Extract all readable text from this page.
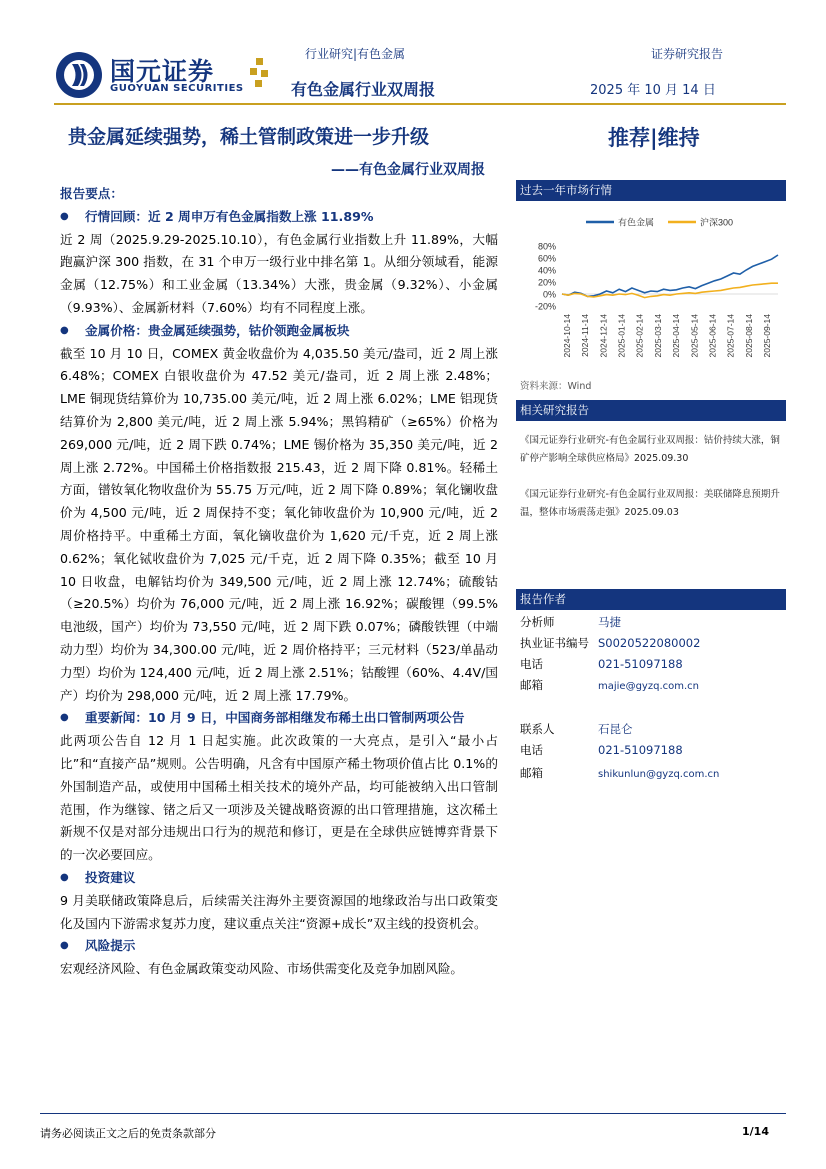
国元证券
GUOYUAN SECURITIES
行业研究|有色金属	证券研究报告
有色金属行业双周报	2025 年 10 月 14 日
贵金属延续强势，稀土管制政策进一步升级
——有色金属行业双周报
推荐|维持
报告要点：
● 行情回顾：近 2 周申万有色金属指数上涨 11.89%

近 2 周（2025.9.29-2025.10.10），有色金属行业指数上升 11.89%，大幅跑赢沪深 300 指数，在 31 个申万一级行业中排名第 1。从细分领域看，能源金属（12.75%）和工业金属（13.34%）大涨，贵金属（9.32%）、小金属（9.93%）、金属新材料（7.60%）均有不同程度上涨。

● 金属价格：贵金属延续强势，钴价领跑金属板块

截至 10 月 10 日，COMEX 黄金收盘价为 4,035.50 美元/盎司，近 2 周上涨 6.48%；COMEX 白银收盘价为 47.52 美元/盎司，近 2 周上涨 2.48%；LME 铜现货结算价为 10,735.00 美元/吨，近 2 周上涨 6.02%；LME 铝现货结算价为 2,800 美元/吨，近 2 周上涨 5.94%；黑钨精矿（≥65%）价格为 269,000 元/吨，近 2 周下跌 0.74%；LME 锡价格为 35,350 美元/吨，近 2 周上涨 2.72%。中国稀土价格指数报 215.43，近 2 周下降 0.81%。轻稀土方面，镨钕氧化物收盘价为 55.75 万元/吨，近 2 周下降 0.89%；氧化镧收盘价为 4,500 元/吨，近 2 周保持不变；氧化铈收盘价为 10,900 元/吨，近 2 周价格持平。中重稀土方面，氧化镝收盘价为 1,620 元/千克，近 2 周上涨 0.62%；氧化铽收盘价为 7,025 元/千克，近 2 周下降 0.35%；截至 10 月 10 日收盘，电解钴均价为 349,500 元/吨，近 2 周上涨 12.74%；硫酸钴（≥20.5%）均价为 76,000 元/吨，近 2 周上涨 16.92%；碳酸锂（99.5%电池级，国产）均价为 73,550 元/吨，近 2 周下跌 0.07%；磷酸铁锂（中端动力型）均价为 34,300.00 元/吨，近 2 周价格持平；三元材料（523/单晶动力型）均价为 124,400 元/吨，近 2 周上涨 2.51%；钴酸锂（60%、4.4V/国产）均价为 298,000 元/吨，近 2 周上涨 17.79%。

● 重要新闻：10 月 9 日，中国商务部相继发布稀土出口管制两项公告

此两项公告自 12 月 1 日起实施。此次政策的一大亮点，是引入“最小占比”和“直接产品”规则。公告明确，凡含有中国原产稀土物项价值占比 0.1%的外国制造产品，或使用中国稀土相关技术的境外产品，均可能被纳入出口管制范围，作为继镓、锗之后又一项涉及关键战略资源的出口管理措施，这次稀土新规不仅是对部分违规出口行为的规范和修订，更是在全球供应链博弈背景下的一次必要回应。

● 投资建议

9 月美联储政策降息后，后续需关注海外主要资源国的地缘政治与出口政策变化及国内下游需求复苏力度，建议重点关注“资源+成长”双主线的投资机会。

● 风险提示

宏观经济风险、有色金属政策变动风险、市场供需变化及竞争加剧风险。

过去一年市场行情
有色金属	沪深300
80%
60%
40%
20%
0%
-20%
2024-10-14 2024-11-14 2024-12-14 2025-01-14 2025-02-14 2025-03-14 2025-04-14 2025-05-14 2025-06-14 2025-07-14 2025-08-14 2025-09-14
资料来源：Wind
相关研究报告
《国元证券行业研究-有色金属行业双周报：钴价持续大涨，铜矿停产影响全球供应格局》2025.09.30
《国元证券行业研究-有色金属行业双周报：美联储降息预期升温，整体市场震荡走强》2025.09.03
报告作者
分析师	马捷
执业证书编号 S0020522080002
电话	021-51097188
邮箱	majie@gyzq.com.cn
联系人	石昆仑
电话	021-51097188
邮箱	shikunlun@gyzq.com.cn
请务必阅读正文之后的免责条款部分	1/14
